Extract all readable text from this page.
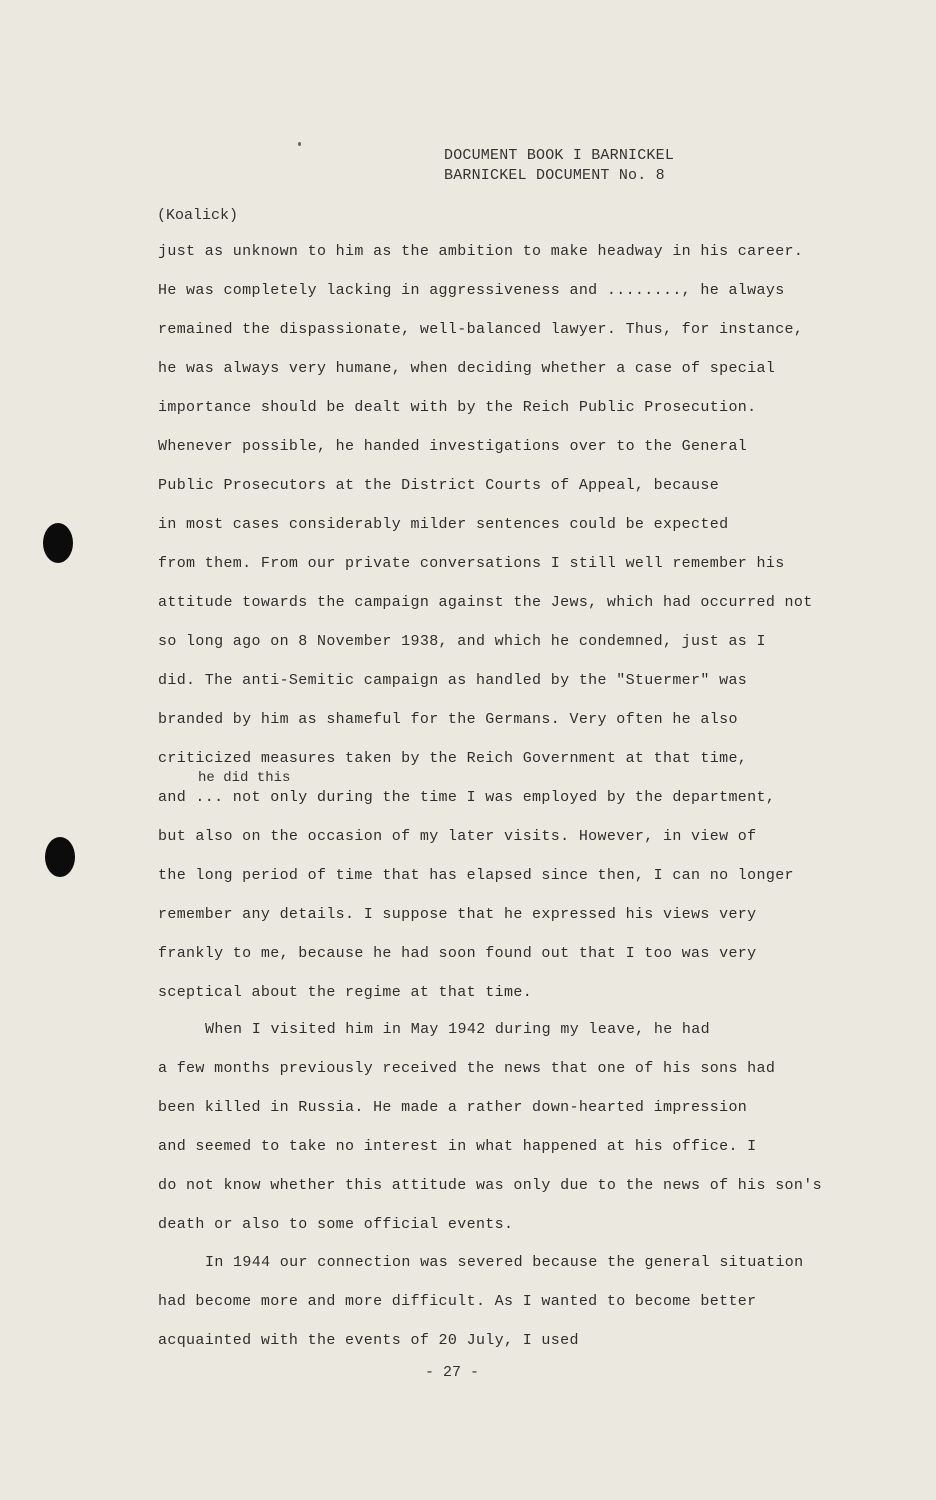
DOCUMENT BOOK I BARNICKEL
BARNICKEL DOCUMENT No. 8
(Koalick)
just as unknown to him as the ambition to make headway in his career.
He was completely lacking in aggressiveness and ........, he always
remained the dispassionate, well-balanced lawyer. Thus, for instance,
he was always very humane, when deciding whether a case of special
importance should be dealt with by the Reich Public Prosecution.
Whenever possible, he handed investigations over to the General
Public Prosecutors at the District Courts of Appeal, because
in most cases considerably milder sentences could be expected
from them. From our private conversations I still well remember his
attitude towards the campaign against the Jews, which had occurred not
so long ago on 8 November 1938, and which he condemned, just as I
did. The anti-Semitic campaign as handled by the "Stuermer" was
branded by him as shameful for the Germans. Very often he also
criticized measures taken by the Reich Government at that time,
he did this
and ... not only during the time I was employed by the department,
but also on the occasion of my later visits. However, in view of
the long period of time that has elapsed since then, I can no longer
remember any details. I suppose that he expressed his views very
frankly to me, because he had soon found out that I too was very
sceptical about the regime at that time.
When I visited him in May 1942 during my leave, he had
a few months previously received the news that one of his sons had
been killed in Russia. He made a rather down-hearted impression
and seemed to take no interest in what happened at his office. I
do not know whether this attitude was only due to the news of his son's
death or also to some official events.
In 1944 our connection was severed because the general situation
had become more and more difficult. As I wanted to become better
acquainted with the events of 20 July, I used
- 27 -
